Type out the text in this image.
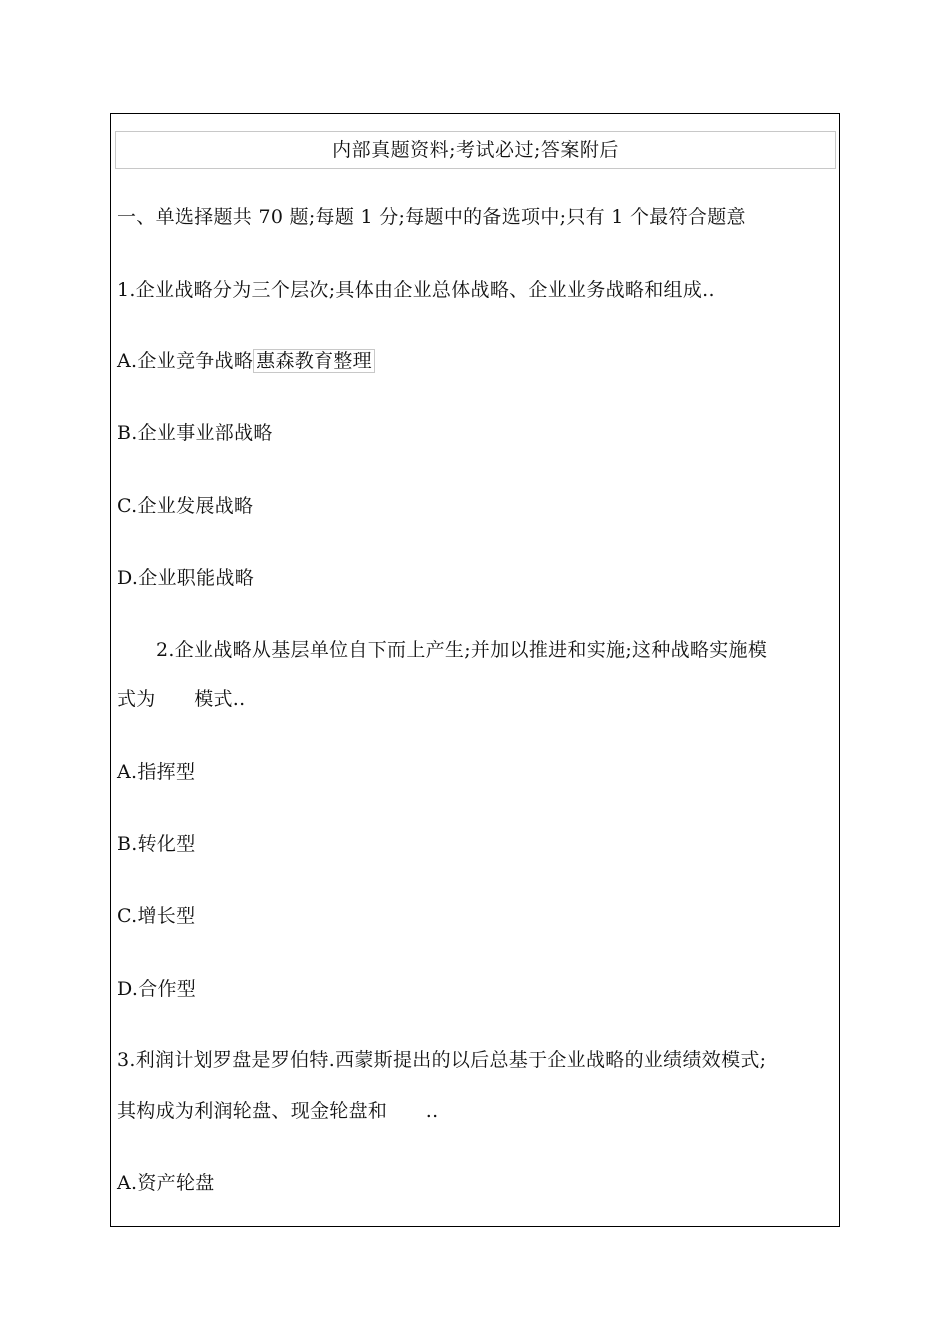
内部真题资料;考试必过;答案附后
一、单选择题共 70 题;每题 1 分;每题中的备选项中;只有 1 个最符合题意
1.企业战略分为三个层次;具体由企业总体战略、企业业务战略和组成..
A.企业竞争战略 惠森教育整理
B.企业事业部战略
C.企业发展战略
D.企业职能战略
2.企业战略从基层单位自下而上产生;并加以推进和实施;这种战略实施模
式为　　模式..
A.指挥型
B.转化型
C.增长型
D.合作型
3.利润计划罗盘是罗伯特.西蒙斯提出的以后总基于企业战略的业绩绩效模式;
其构成为利润轮盘、现金轮盘和　　..
A.资产轮盘
